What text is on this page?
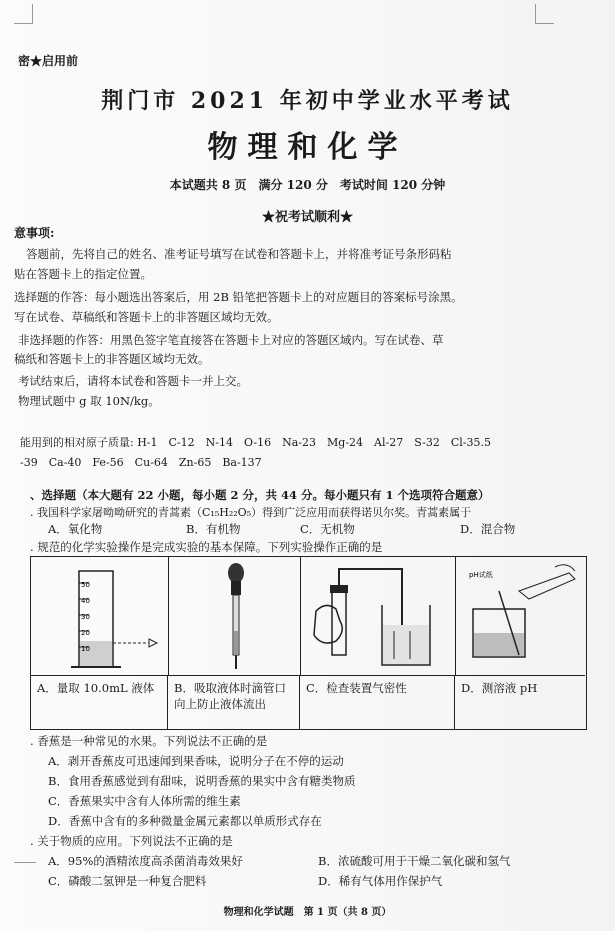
密★启用前
荆门市 2021 年初中学业水平考试
物理和化学
本试题共 8 页　满分 120 分　考试时间 120 分钟
★祝考试顺利★
意事项:
答题前，先将自己的姓名、准考证号填写在试卷和答题卡上，并将准考证号条形码粘
贴在答题卡上的指定位置。
选择题的作答：每小题选出答案后，用 2B 铅笔把答题卡上的对应题目的答案标号涂黑。
写在试卷、草稿纸和答题卡上的非答题区域均无效。
非选择题的作答：用黑色签字笔直接答在答题卡上对应的答题区域内。写在试卷、草
稿纸和答题卡上的非答题区域均无效。
考试结束后，请将本试卷和答题卡一并上交。
物理试题中 g 取 10N/kg。
能用到的相对原子质量: H-1　C-12　N-14　O-16　Na-23　Mg-24　Al-27　S-32　Cl-35.5
-39　Ca-40　Fe-56　Cu-64　Zn-65　Ba-137
、选择题（本大题有 22 小题，每小题 2 分，共 44 分。每小题只有 1 个选项符合题意）
. 我国科学家屠呦呦研究的青蒿素（C₁₅H₂₂O₅）得到广泛应用而获得诺贝尔奖。青蒿素属于
A．氧化物	B．有机物	C．无机物	D．混合物
. 规范的化学实验操作是完成实验的基本保障。下列实验操作正确的是
A．量取 10.0mL 液体	B．吸取液体时滴管口向上防止液体流出
C．检查装置气密性	D．测溶液 pH
50
40
30
20
10
pH试纸
. 香蕉是一种常见的水果。下列说法不正确的是
A．剥开香蕉皮可迅速闻到果香味，说明分子在不停的运动
B．食用香蕉感觉到有甜味，说明香蕉的果实中含有糖类物质
C．香蕉果实中含有人体所需的维生素
D．香蕉中含有的多种微量金属元素都以单质形式存在
. 关于物质的应用。下列说法不正确的是
A．95%的酒精浓度高杀菌消毒效果好	B．浓硫酸可用于干燥二氧化碳和氢气
C．磷酸二氢钾是一种复合肥料	D．稀有气体用作保护气
物理和化学试题　第 1 页（共 8 页）
